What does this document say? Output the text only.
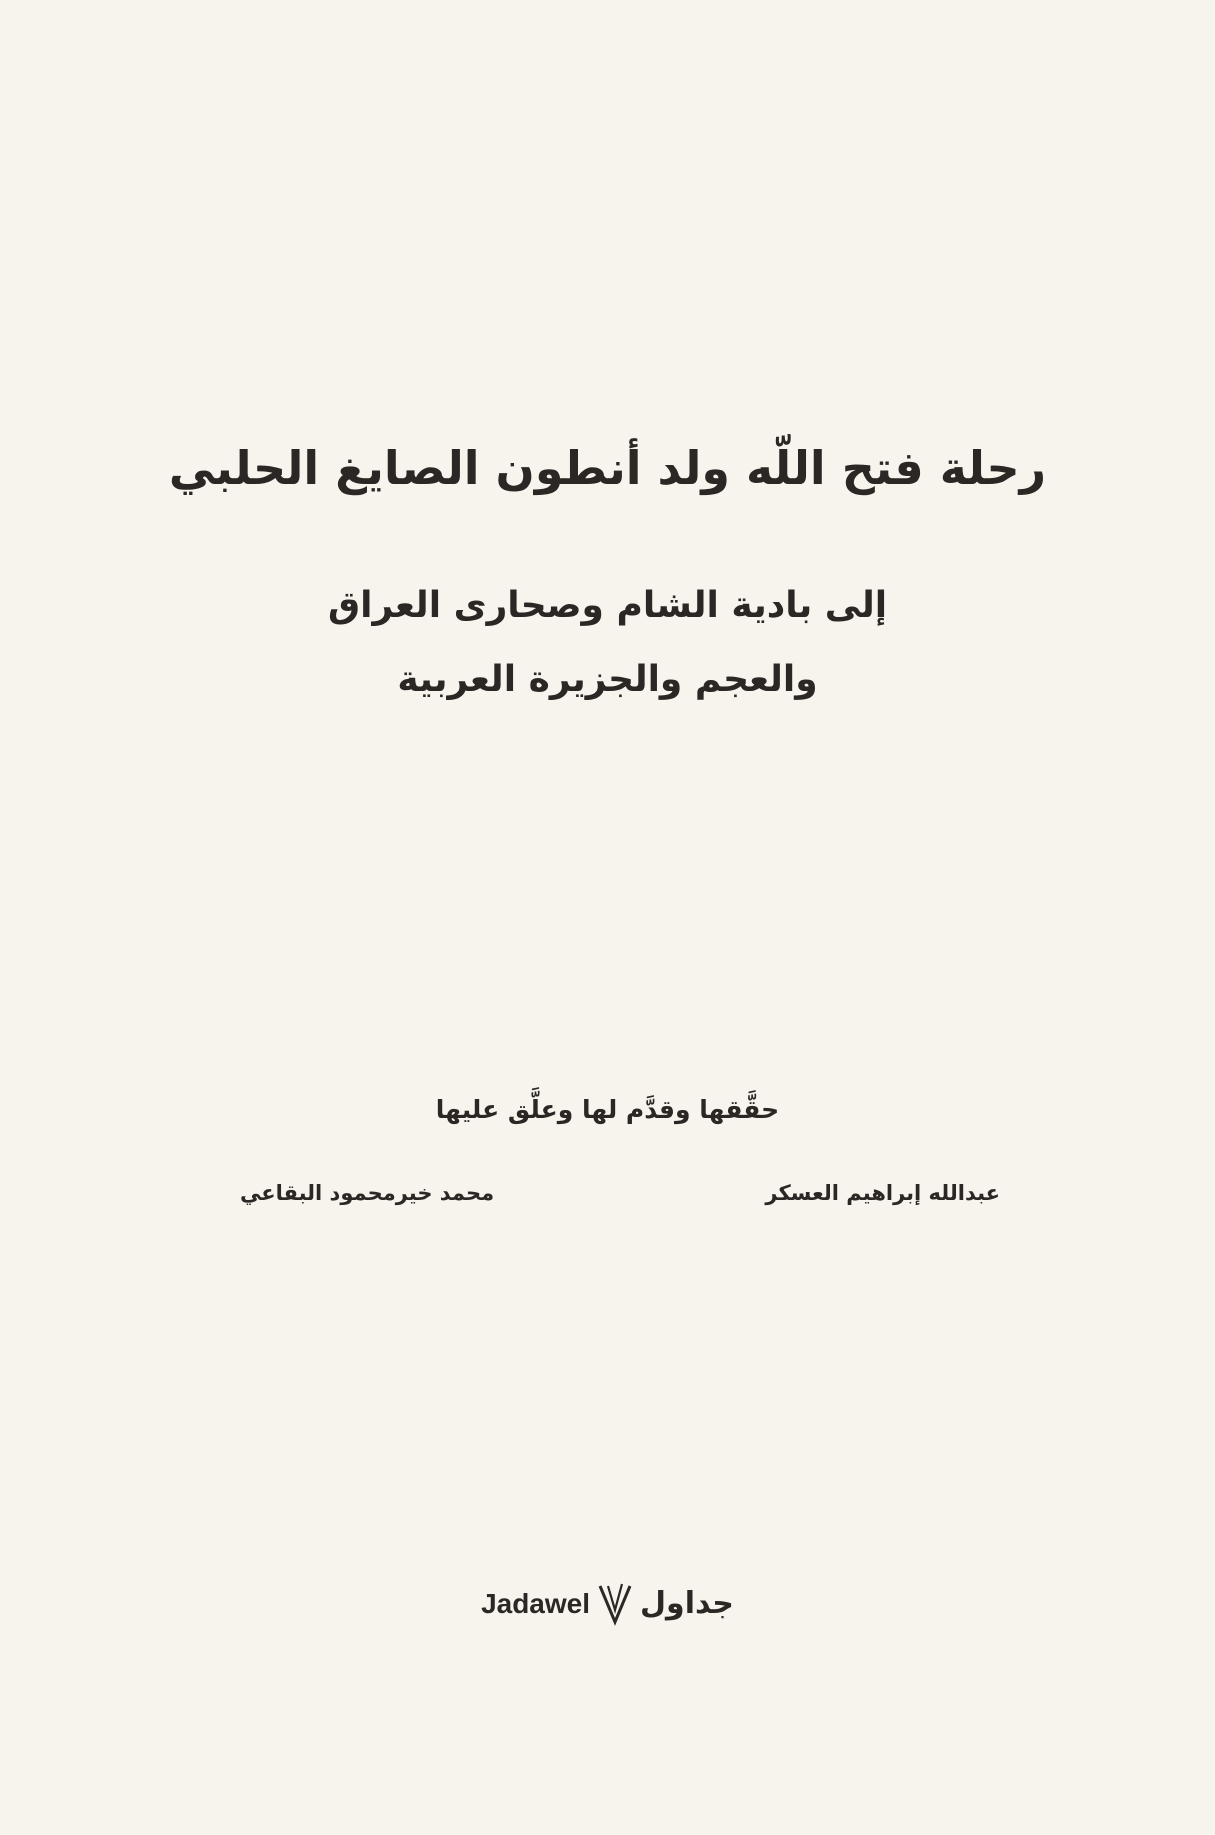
رحلة فتح اللّه ولد أنطون الصايغ الحلبي
إلى بادية الشام وصحارى العراق
والعجم والجزيرة العربية
حقَّقها وقدَّم لها وعلَّق عليها
عبدالله إبراهيم العسكر
محمد خيرمحمود البقاعي
Jadawel جداول
